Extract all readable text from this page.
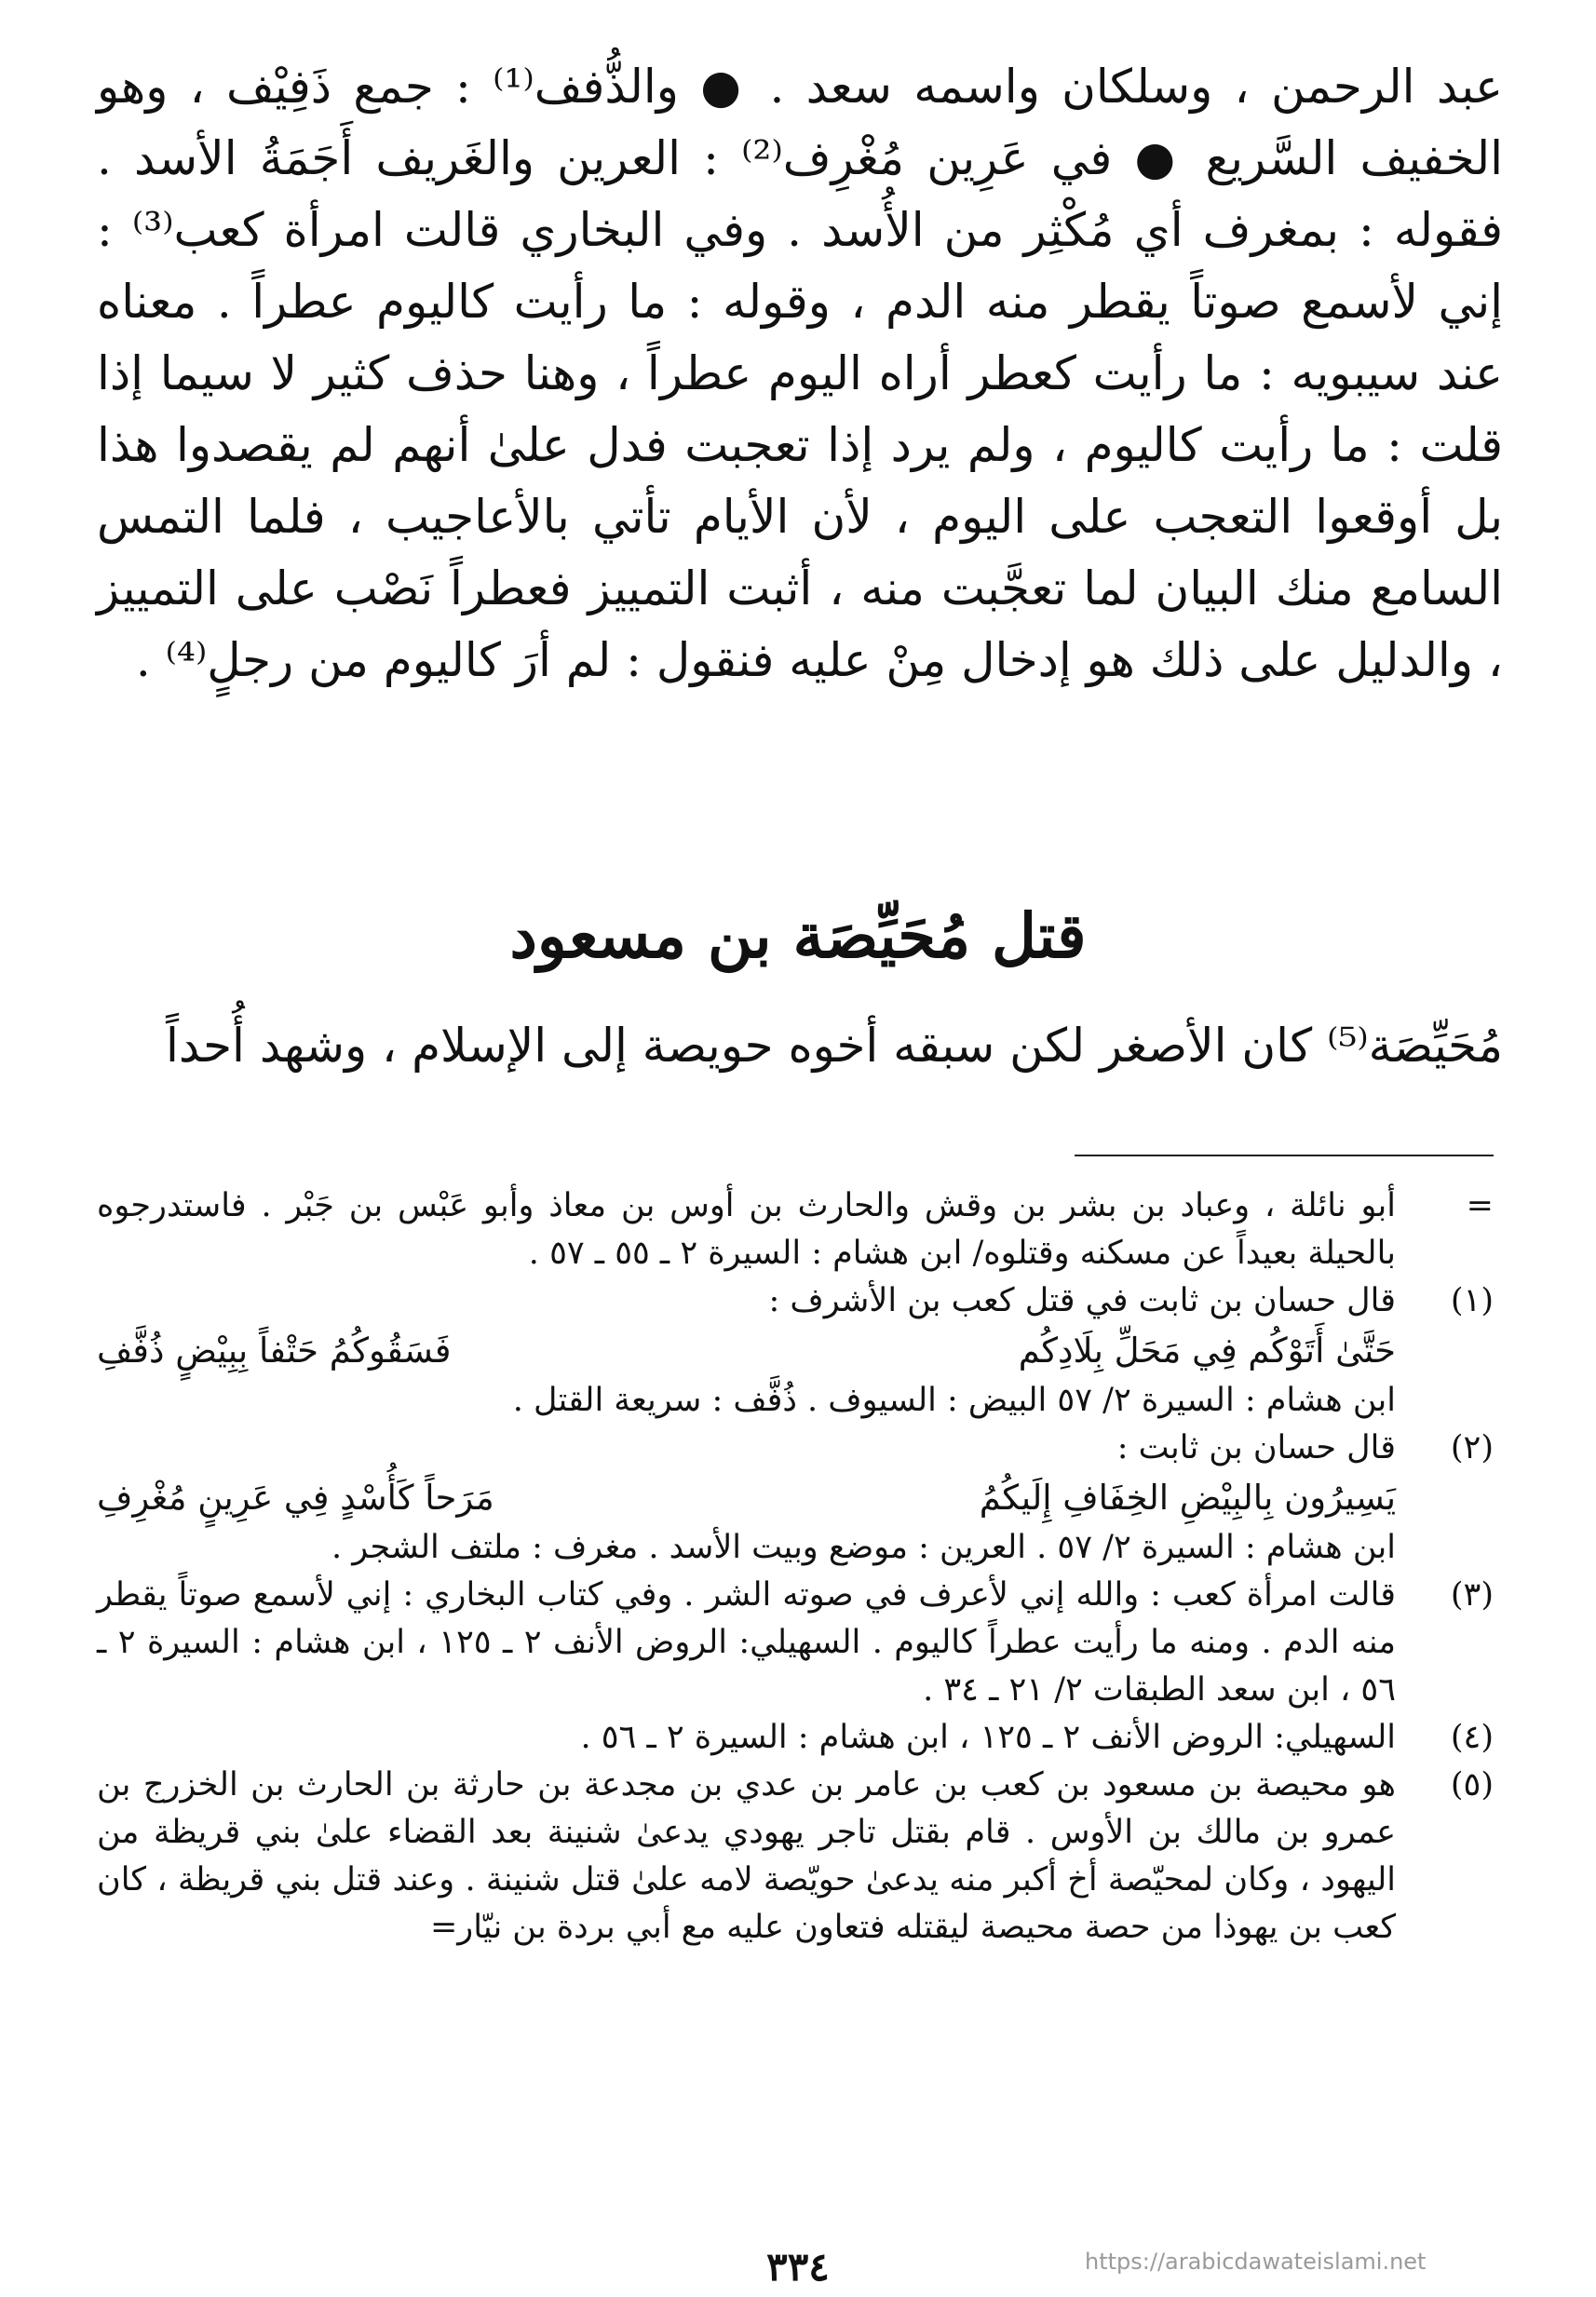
عبد الرحمن ، وسلكان واسمه سعد . ● والذُّفف⁽¹⁾ : جمع ذَفِيْف ، وهو الخفيف السَّريع ● في عَرِين مُغْرِف⁽²⁾ : العرين والغَريف أَجَمَةُ الأسد . فقوله : بمغرف أي مُكْثِر من الأُسد . وفي البخاري قالت امرأة كعب⁽³⁾ : إني لأسمع صوتاً يقطر منه الدم ، وقوله : ما رأيت كاليوم عطراً . معناه عند سيبويه : ما رأيت كعطر أراه اليوم عطراً ، وهنا حذف كثير لا سيما إذا قلت : ما رأيت كاليوم ، ولم يرد إذا تعجبت فدل علىٰ أنهم لم يقصدوا هذا بل أوقعوا التعجب على اليوم ، لأن الأيام تأتي بالأعاجيب ، فلما التمس السامع منك البيان لما تعجَّبت منه ، أثبت التمييز فعطراً نَصْب على التمييز ، والدليل على ذلك هو إدخال مِنْ عليه فنقول : لم أرَ كاليوم من رجلٍ⁽⁴⁾ .

قتل مُحَيِّصَة بن مسعود
مُحَيِّصَة⁽⁵⁾ كان الأصغر لكن سبقه أخوه حويصة إلى الإسلام ، وشهد أُحداً
=
أبو نائلة ، وعباد بن بشر بن وقش والحارث بن أوس بن معاذ وأبو عَبْس بن جَبْر . فاستدرجوه بالحيلة بعيداً عن مسكنه وقتلوه/ ابن هشام : السيرة ٢ ـ ٥٥ ـ ٥٧ .
(١)
قال حسان بن ثابت في قتل كعب بن الأشرف :
حَتَّىٰ أَتَوْكُم فِي مَحَلِّ بِلَادِكُم
فَسَقُوكُمُ حَتْفاً بِبِيْضٍ ذُفَّفِ
ابن هشام : السيرة ٢/ ٥٧ البيض : السيوف . ذُفَّف : سريعة القتل .
(٢)
قال حسان بن ثابت :
يَسِيرُون بِالبِيْضِ الخِفَافِ إِلَيكُمُ
مَرَحاً كَأُسْدٍ فِي عَرِينٍ مُغْرِفِ
ابن هشام : السيرة ٢/ ٥٧ . العرين : موضع وبيت الأسد . مغرف : ملتف الشجر .
(٣)
قالت امرأة كعب : والله إني لأعرف في صوته الشر . وفي كتاب البخاري : إني لأسمع صوتاً يقطر منه الدم . ومنه ما رأيت عطراً كاليوم . السهيلي: الروض الأنف ٢ ـ ١٢٥ ، ابن هشام : السيرة ٢ ـ ٥٦ ، ابن سعد الطبقات ٢/ ٢١ ـ ٣٤ .
(٤)
السهيلي: الروض الأنف ٢ ـ ١٢٥ ، ابن هشام : السيرة ٢ ـ ٥٦ .
(٥)
هو محيصة بن مسعود بن كعب بن عامر بن عدي بن مجدعة بن حارثة بن الحارث بن الخزرج بن عمرو بن مالك بن الأوس . قام بقتل تاجر يهودي يدعىٰ شنينة بعد القضاء علىٰ بني قريظة من اليهود ، وكان لمحيّصة أخ أكبر منه يدعىٰ حويّصة لامه علىٰ قتل شنينة . وعند قتل بني قريظة ، كان كعب بن يهوذا من حصة محيصة ليقتله فتعاون عليه مع أبي بردة بن نيّار=
٣٣٤	https://arabicdawateislami.net
